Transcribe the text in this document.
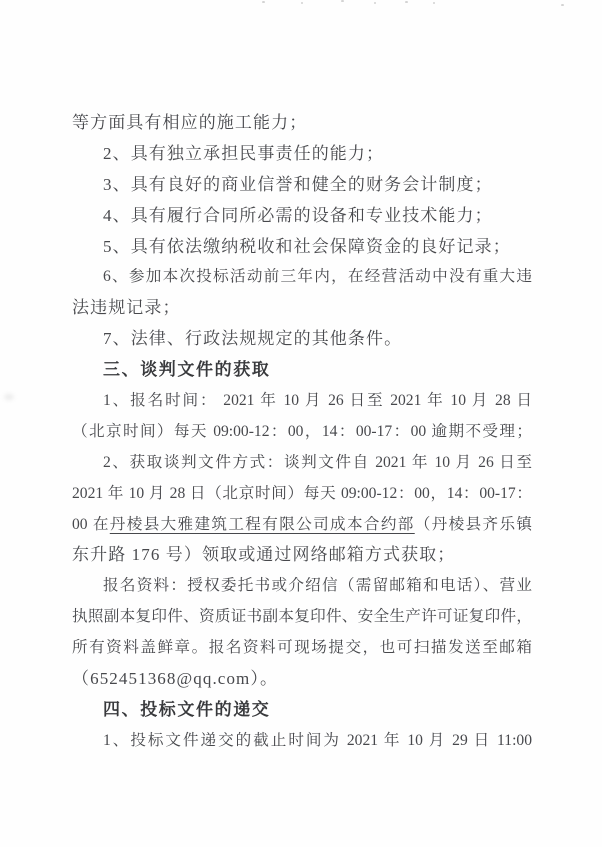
等方面具有相应的施工能力；
2、具有独立承担民事责任的能力；
3、具有良好的商业信誉和健全的财务会计制度；
4、具有履行合同所必需的设备和专业技术能力；
5、具有依法缴纳税收和社会保障资金的良好记录；
6、参加本次投标活动前三年内，在经营活动中没有重大违
法违规记录；
7、法律、行政法规规定的其他条件。
三、谈判文件的获取
1、报名时间： 2021 年 10 月 26 日至 2021 年 10 月 28 日
（北京时间）每天 09:00-12：00，14：00-17：00 逾期不受理；
2、获取谈判文件方式：谈判文件自 2021 年 10 月 26 日至
2021 年 10 月 28 日（北京时间）每天 09:00-12：00，14：00-17：
00 在丹棱县大雅建筑工程有限公司成本合约部（丹棱县齐乐镇
东升路 176 号）领取或通过网络邮箱方式获取；
报名资料：授权委托书或介绍信（需留邮箱和电话）、营业
执照副本复印件、资质证书副本复印件、安全生产许可证复印件，
所有资料盖鲜章。报名资料可现场提交，也可扫描发送至邮箱
（652451368@qq.com）。
四、投标文件的递交
1、投标文件递交的截止时间为 2021 年 10 月 29 日 11:00
